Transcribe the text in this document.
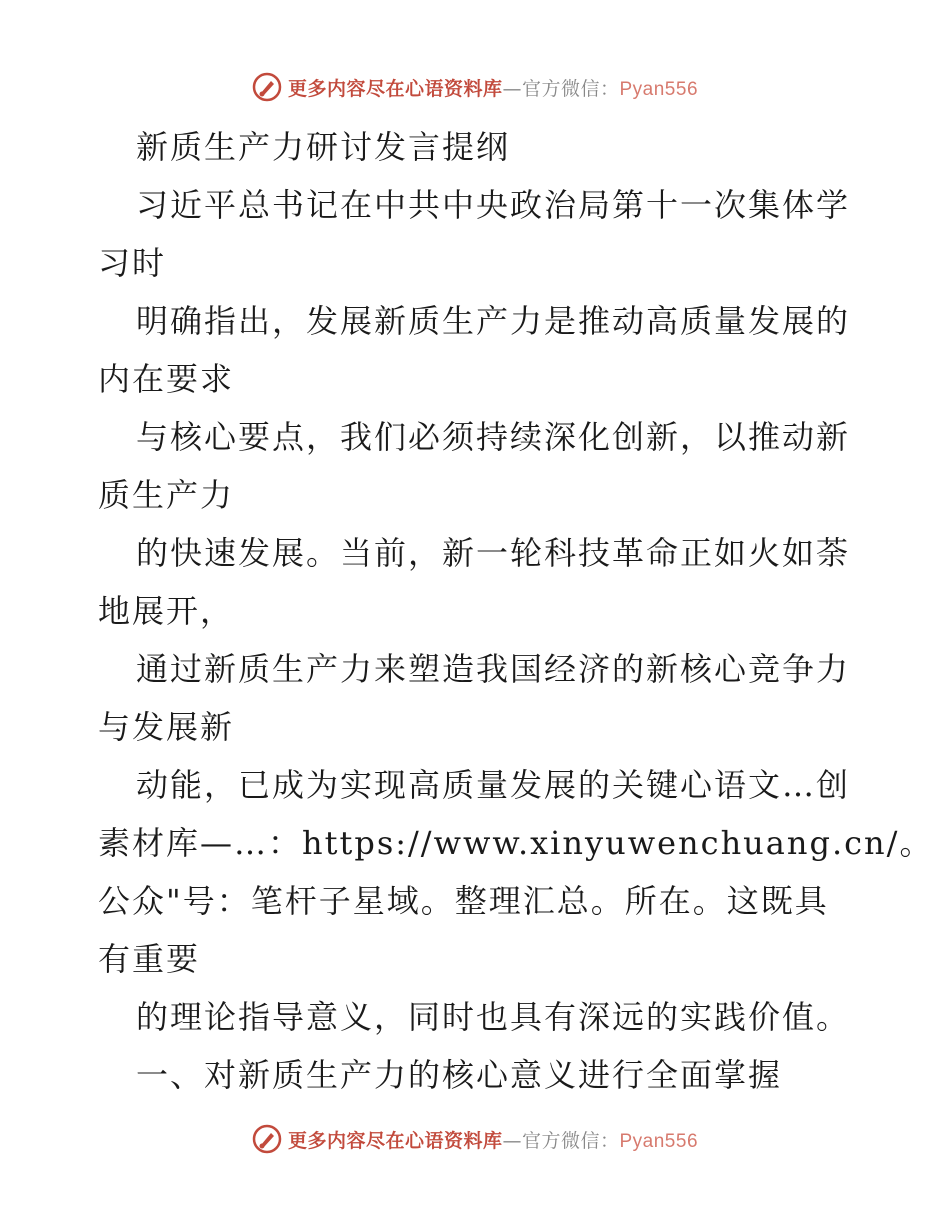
更多内容尽在心语资料库—官方微信：Pyan556
新质生产力研讨发言提纲
习近平总书记在中共中央政治局第十一次集体学
习时
明确指出，发展新质生产力是推动高质量发展的
内在要求
与核心要点，我们必须持续深化创新，以推动新
质生产力
的快速发展。当前，新一轮科技革命正如火如荼
地展开，
通过新质生产力来塑造我国经济的新核心竞争力
与发展新
动能，已成为实现高质量发展的关键心语文…创
素材库—…：https://www.xinyuwenchuang.cn/。
公众"号：笔杆子星域。整理汇总。所在。这既具
有重要
的理论指导意义，同时也具有深远的实践价值。
一、对新质生产力的核心意义进行全面掌握
更多内容尽在心语资料库—官方微信：Pyan556
